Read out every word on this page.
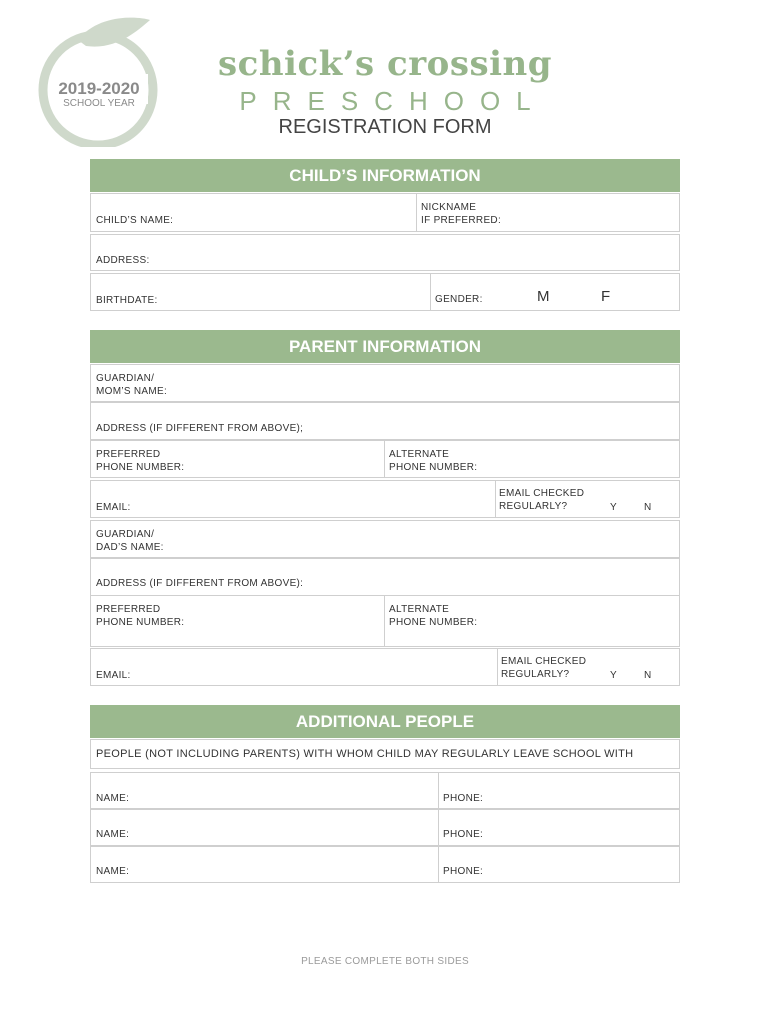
2019-2020
SCHOOL YEAR
schick’s crossing
PRESCHOOL
REGISTRATION FORM
CHILD’S INFORMATION
CHILD’S NAME:
NICKNAME
IF PREFERRED:
ADDRESS:
BIRTHDATE:	GENDER:	M	F
PARENT INFORMATION
GUARDIAN/
MOM’S NAME:
ADDRESS (IF DIFFERENT FROM ABOVE);
PREFERRED
PHONE NUMBER:
ALTERNATE
PHONE NUMBER:
EMAIL:
EMAIL CHECKED
REGULARLY?	Y	N
GUARDIAN/
DAD’S NAME:
ADDRESS (IF DIFFERENT FROM ABOVE):
PREFERRED
PHONE NUMBER:
ALTERNATE
PHONE NUMBER:
EMAIL:
EMAIL CHECKED
REGULARLY?	Y	N
ADDITIONAL PEOPLE
PEOPLE (NOT INCLUDING PARENTS) WITH WHOM CHILD MAY REGULARLY LEAVE SCHOOL WITH
NAME:	PHONE:
NAME:	PHONE:
NAME:	PHONE:
PLEASE COMPLETE BOTH SIDES
